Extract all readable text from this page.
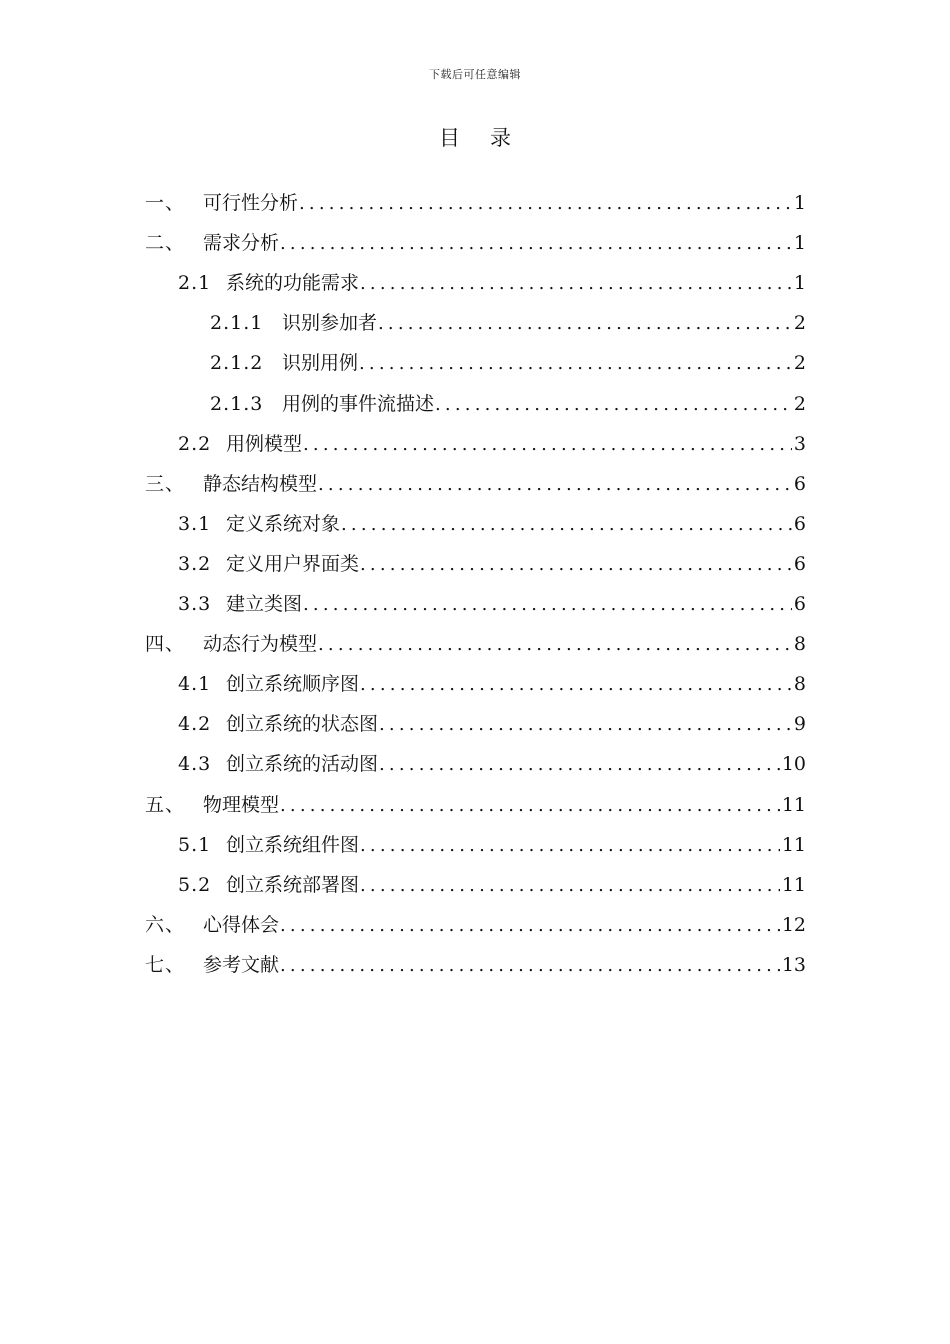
下载后可任意编辑
目录
一、 可行性分析 .....	1
二、 需求分析 .....	1
2.1 系统的功能需求 .....	1
2.1.1 识别参加者 .....	2
2.1.2 识别用例 .....	2
2.1.3 用例的事件流描述 .....	2
2.2 用例模型 .....	3
三、 静态结构模型 .....	6
3.1 定义系统对象 .....	6
3.2 定义用户界面类 .....	6
3.3 建立类图 .....	6
四、 动态行为模型 .....	8
4.1 创立系统顺序图 .....	8
4.2 创立系统的状态图 .....	9
4.3 创立系统的活动图 .....	10
五、 物理模型 .....	11
5.1 创立系统组件图 .....	11
5.2 创立系统部署图 .....	11
六、 心得体会 .....	12
七、 参考文献 .....	13
